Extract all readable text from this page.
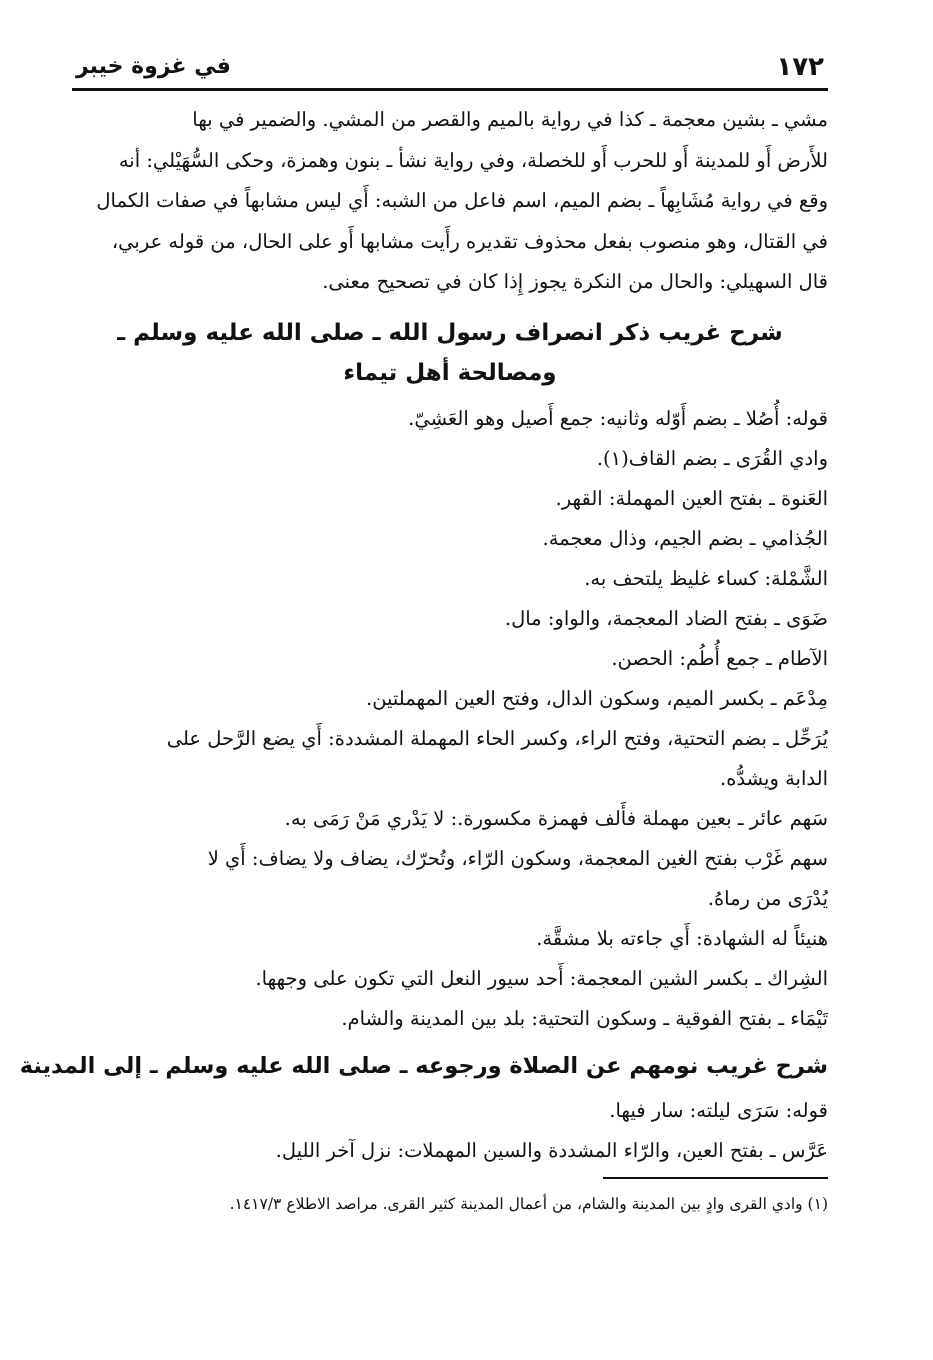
١٧٢
في غزوة خيبر

مشي ـ بشين معجمة ـ كذا في رواية بالميم والقصر من المشي. والضمير في بها

للأَرض أَو للمدينة أَو للحرب أَو للخصلة، وفي رواية نشأ ـ بنون وهمزة، وحكى السُّهَيْلي: أنه

وقع في رواية مُشَابِهاً ـ بضم الميم، اسم فاعل من الشبه: أَي ليس مشابهاً في صفات الكمال

في القتال، وهو منصوب بفعل محذوف تقديره رأَيت مشابها أَو على الحال، من قوله عربي،

قال السهيلي: والحال من النكرة يجوز إِذا كان في تصحيح معنى.

شرح غريب ذكر انصراف رسول الله ـ صلى الله عليه وسلم ـ
ومصالحة أهل تيماء
قوله: أُصُلا ـ بضم أَوّله وثانيه: جمع أَصيل وهو العَشِيّ.
وادي القُرَى ـ بضم القاف(١).
العَنوة ـ بفتح العين المهملة: القهر.
الجُذامي ـ بضم الجيم، وذال معجمة.
الشَّمْلة: كساء غليظ يلتحف به.
ضَوَى ـ بفتح الضاد المعجمة، والواو: مال.
الآطام ـ جمع أُطُم: الحصن.
مِدْعَم ـ بكسر الميم، وسكون الدال، وفتح العين المهملتين.
يُرَحِّل ـ بضم التحتية، وفتح الراء، وكسر الحاء المهملة المشددة: أَي يضع الرَّحل على
الدابة ويشدُّه.
سَهم عائر ـ بعين مهملة فأَلف فهمزة مكسورة.: لا يَدْري مَنْ رَمَى به.
سهم غَرْب بفتح الغين المعجمة، وسكون الرّاء، وتُحرّك، يضاف ولا يضاف: أَي لا
يُدْرَى من رماهُ.
هنيئاً له الشهادة: أَي جاءته بلا مشقَّة.
الشِراك ـ بكسر الشين المعجمة: أَحد سيور النعل التي تكون على وجهها.
تَيْمَاء ـ بفتح الفوقية ـ وسكون التحتية: بلد بين المدينة والشام.
شرح غريب نومهم عن الصلاة ورجوعه ـ صلى الله عليه وسلم ـ إلى المدينة
قوله: سَرَى ليلته: سار فيها.
عَرَّس ـ بفتح العين، والرّاء المشددة والسين المهملات: نزل آخر الليل.
(١) وادي القرى وادٍ بين المدينة والشام، من أعمال المدينة كثير القرى. مراصد الاطلاع ١٤١٧/٣.
